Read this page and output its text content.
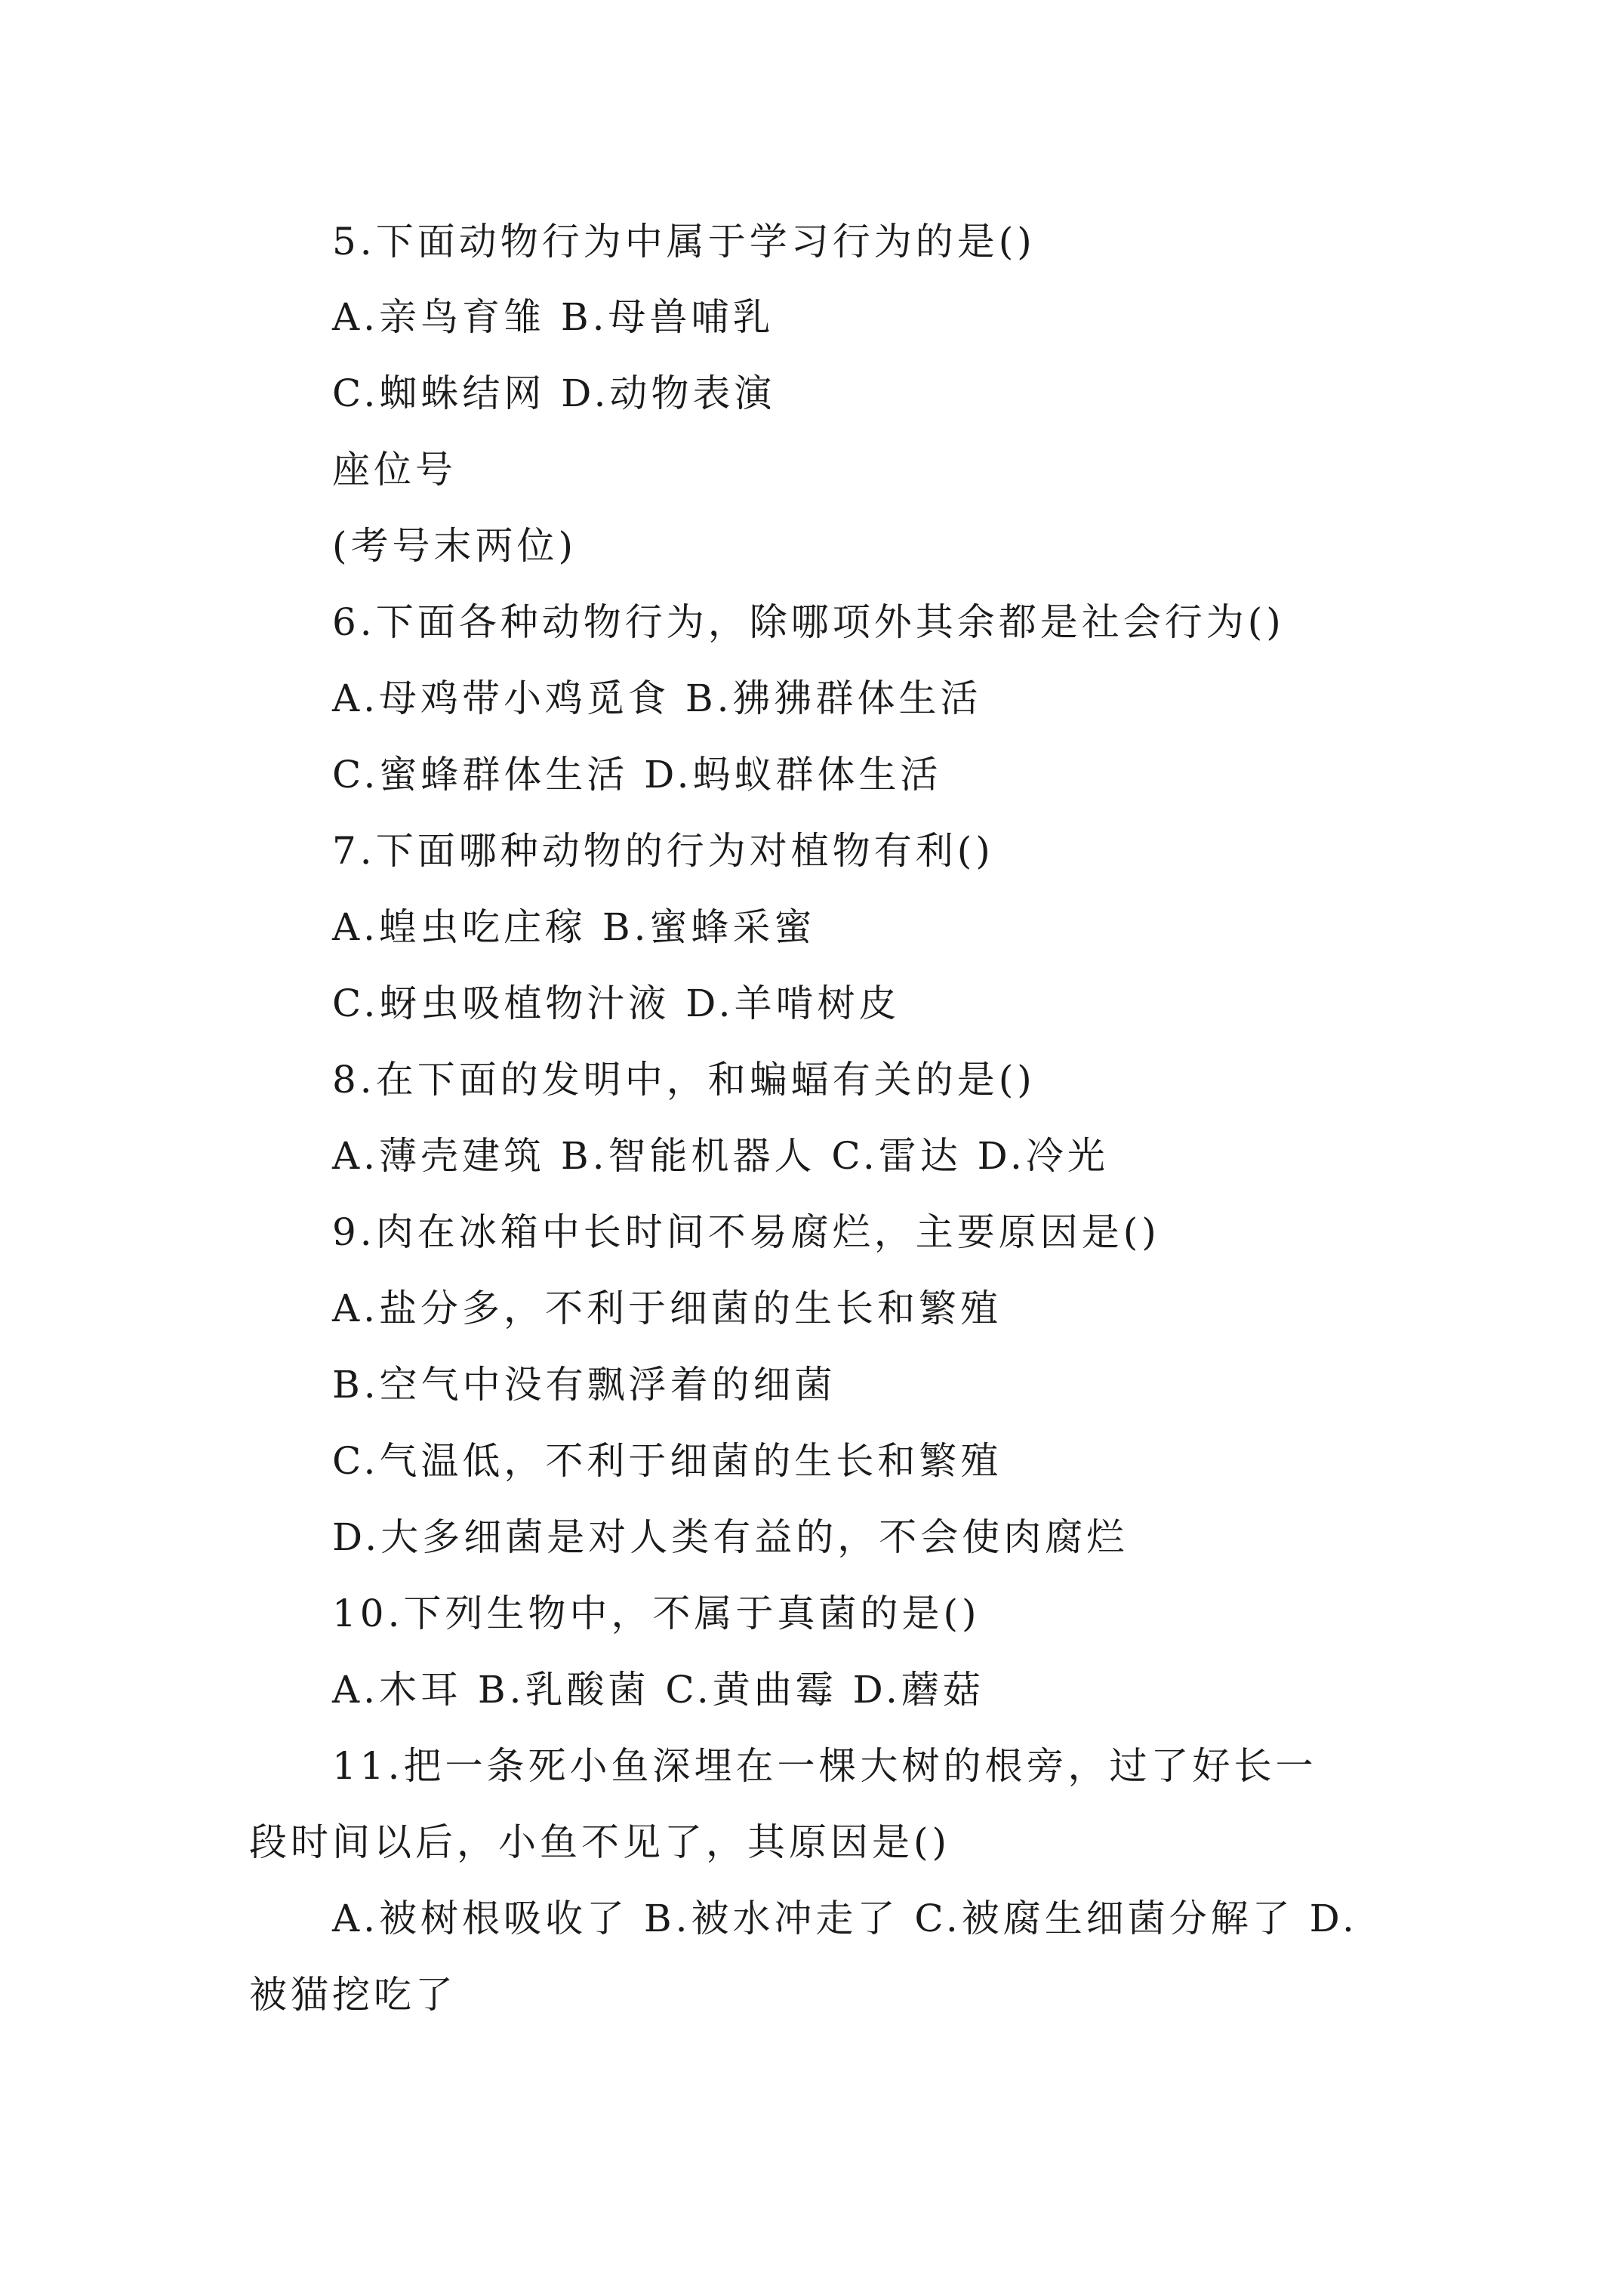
5.下面动物行为中属于学习行为的是()
A.亲鸟育雏 B.母兽哺乳
C.蜘蛛结网 D.动物表演
座位号
(考号末两位)
6.下面各种动物行为，除哪项外其余都是社会行为()
A.母鸡带小鸡觅食 B.狒狒群体生活
C.蜜蜂群体生活 D.蚂蚁群体生活
7.下面哪种动物的行为对植物有利()
A.蝗虫吃庄稼 B.蜜蜂采蜜
C.蚜虫吸植物汁液 D.羊啃树皮
8.在下面的发明中，和蝙蝠有关的是()
A.薄壳建筑 B.智能机器人 C.雷达 D.冷光
9.肉在冰箱中长时间不易腐烂，主要原因是()
A.盐分多，不利于细菌的生长和繁殖
B.空气中没有飘浮着的细菌
C.气温低，不利于细菌的生长和繁殖
D.大多细菌是对人类有益的，不会使肉腐烂
10.下列生物中，不属于真菌的是()
A.木耳 B.乳酸菌 C.黄曲霉 D.蘑菇
11.把一条死小鱼深埋在一棵大树的根旁，过了好长一
段时间以后，小鱼不见了，其原因是()
A.被树根吸收了 B.被水冲走了 C.被腐生细菌分解了 D.
被猫挖吃了
